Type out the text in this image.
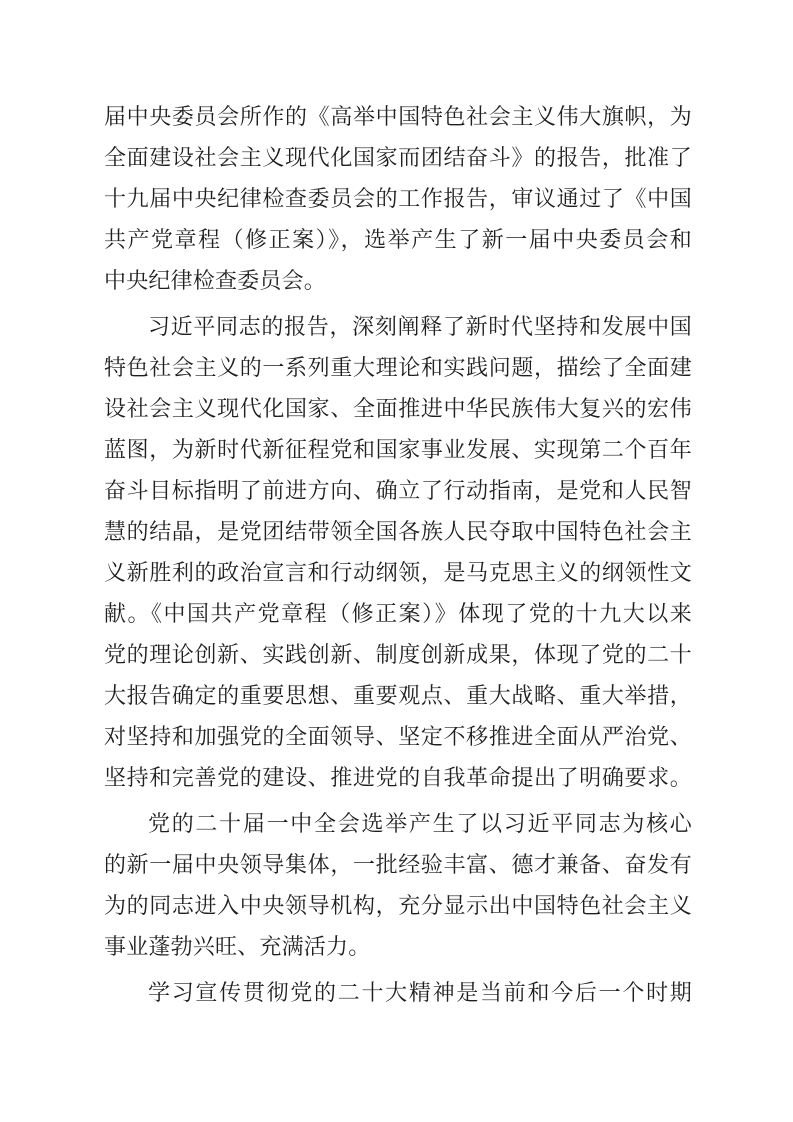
届中央委员会所作的《高举中国特色社会主义伟大旗帜，为
全面建设社会主义现代化国家而团结奋斗》的报告，批准了
十九届中央纪律检查委员会的工作报告，审议通过了《中国
共产党章程（修正案）》，选举产生了新一届中央委员会和
中央纪律检查委员会。
习近平同志的报告，深刻阐释了新时代坚持和发展中国
特色社会主义的一系列重大理论和实践问题，描绘了全面建
设社会主义现代化国家、全面推进中华民族伟大复兴的宏伟
蓝图，为新时代新征程党和国家事业发展、实现第二个百年
奋斗目标指明了前进方向、确立了行动指南，是党和人民智
慧的结晶，是党团结带领全国各族人民夺取中国特色社会主
义新胜利的政治宣言和行动纲领，是马克思主义的纲领性文
献。《中国共产党章程（修正案）》体现了党的十九大以来
党的理论创新、实践创新、制度创新成果，体现了党的二十
大报告确定的重要思想、重要观点、重大战略、重大举措，
对坚持和加强党的全面领导、坚定不移推进全面从严治党、
坚持和完善党的建设、推进党的自我革命提出了明确要求。
党的二十届一中全会选举产生了以习近平同志为核心
的新一届中央领导集体，一批经验丰富、德才兼备、奋发有
为的同志进入中央领导机构，充分显示出中国特色社会主义
事业蓬勃兴旺、充满活力。
学习宣传贯彻党的二十大精神是当前和今后一个时期
